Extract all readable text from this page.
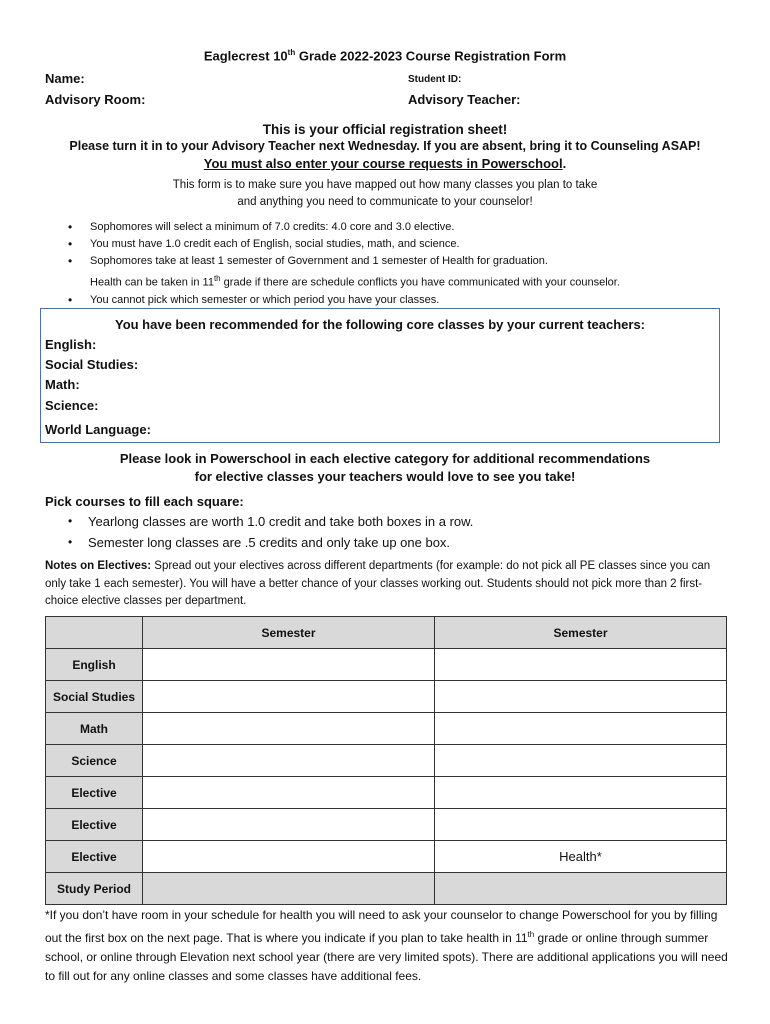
Eaglecrest 10th Grade 2022-2023 Course Registration Form
Name:	Student ID:
Advisory Room:	Advisory Teacher:
This is your official registration sheet!
Please turn it in to your Advisory Teacher next Wednesday. If you are absent, bring it to Counseling ASAP!
You must also enter your course requests in Powerschool.
This form is to make sure you have mapped out how many classes you plan to take
and anything you need to communicate to your counselor!
• Sophomores will select a minimum of 7.0 credits: 4.0 core and 3.0 elective.
• You must have 1.0 credit each of English, social studies, math, and science.
• Sophomores take at least 1 semester of Government and 1 semester of Health for graduation.
Health can be taken in 11th grade if there are schedule conflicts you have communicated with your counselor.
• You cannot pick which semester or which period you have your classes.
You have been recommended for the following core classes by your current teachers:
English:
Social Studies:
Math:
Science:
World Language:
Please look in Powerschool in each elective category for additional recommendations
for elective classes your teachers would love to see you take!
Pick courses to fill each square:
• Yearlong classes are worth 1.0 credit and take both boxes in a row.
• Semester long classes are .5 credits and only take up one box.
Notes on Electives: Spread out your electives across different departments (for example: do not pick all PE classes since you can only take 1 each semester). You will have a better chance of your classes working out. Students should not pick more than 2 first-choice elective classes per department.
	Semester	Semester
English		
Social Studies		
Math		
Science		
Elective		
Elective		
Elective		Health*
Study Period		
*If you don’t have room in your schedule for health you will need to ask your counselor to change Powerschool for you by filling out the first box on the next page. That is where you indicate if you plan to take health in 11th grade or online through summer school, or online through Elevation next school year (there are very limited spots). There are additional applications you will need to fill out for any online classes and some classes have additional fees.
